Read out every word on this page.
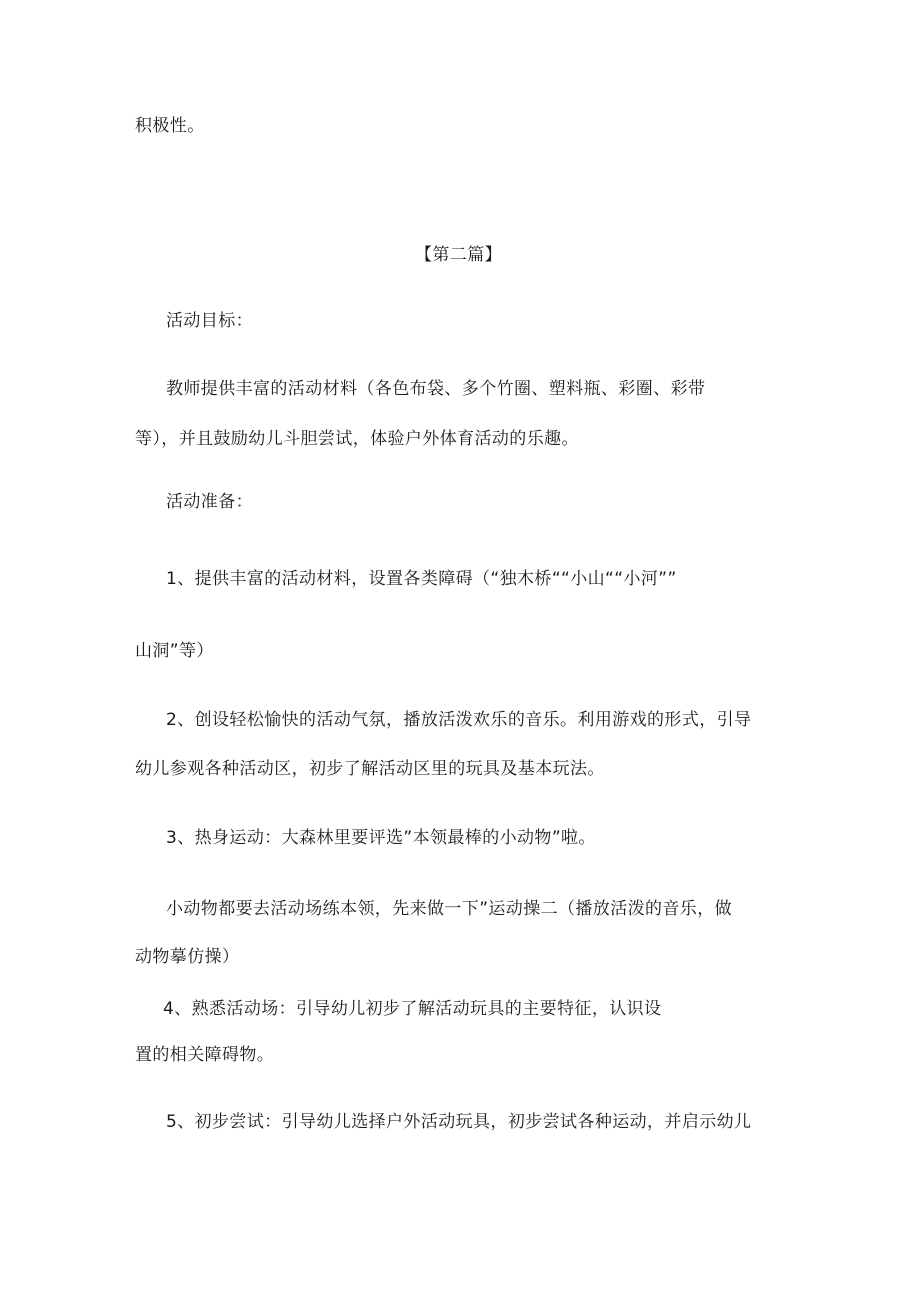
积极性。
【第二篇】
活动目标：
教师提供丰富的活动材料（各色布袋、多个竹圈、塑料瓶、彩圈、彩带
等），并且鼓励幼儿斗胆尝试，体验户外体育活动的乐趣。
活动准备：
1、提供丰富的活动材料，设置各类障碍（“独木桥““小山““小河””
山洞”等）
2、创设轻松愉快的活动气氛，播放活泼欢乐的音乐。利用游戏的形式，引导
幼儿参观各种活动区，初步了解活动区里的玩具及基本玩法。
3、热身运动：大森林里要评选”本领最棒的小动物”啦。
小动物都要去活动场练本领，先来做一下”运动操二（播放活泼的音乐，做
动物摹仿操）
4、熟悉活动场：引导幼儿初步了解活动玩具的主要特征，认识设
置的相关障碍物。
5、初步尝试：引导幼儿选择户外活动玩具，初步尝试各种运动，并启示幼儿
